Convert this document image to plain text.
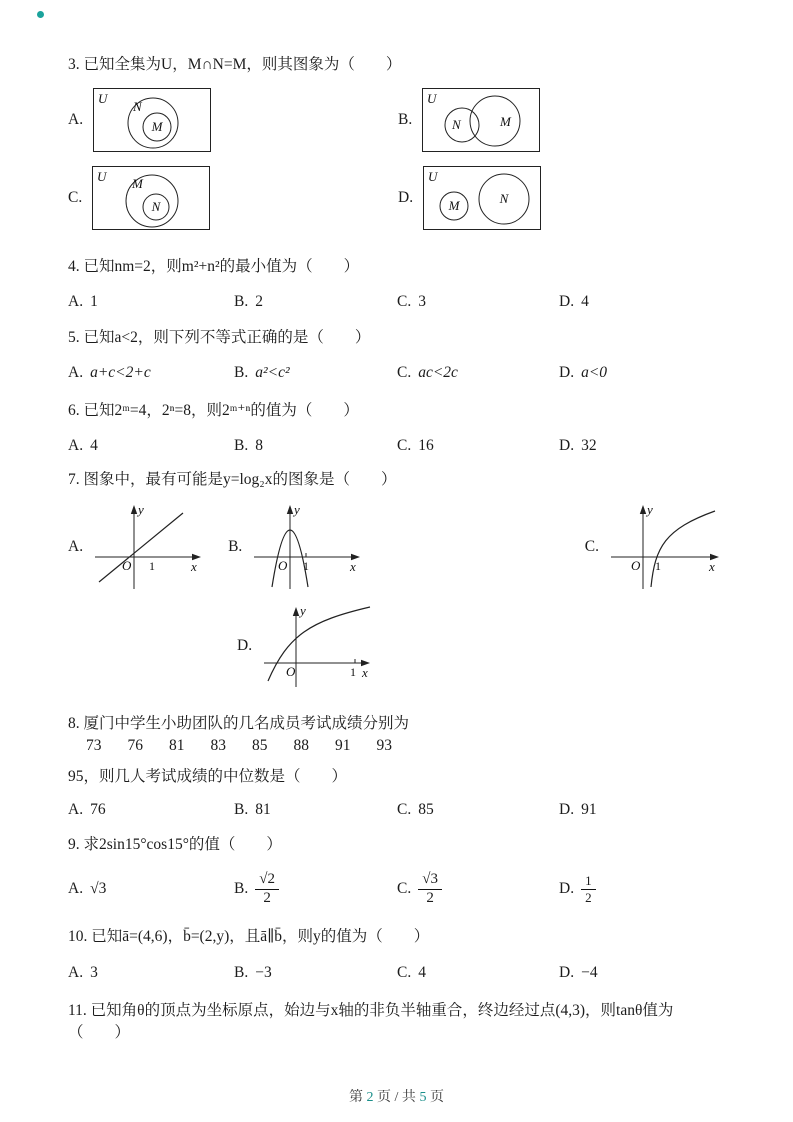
3. 已知全集为U，M∩N=M，则其图象为（　　）

A.
U
N
M	B.
U
N	M
C.
U M
N
D.
U
M	N

4. 已知nm=2，则m²+n²的最小值为（　　）

A. 1	B. 2	C. 3	D. 4

5. 已知a<2，则下列不等式正确的是（　　）

A. a+c<2+c	B. a²<c²	C. ac<2c	D. a<0

6. 已知2ᵐ=4，2ⁿ=8，则2ᵐ⁺ⁿ的值为（　　）

A. 4	B. 8	C. 16	D. 32

7. 图象中，最有可能是y=log₂x的图象是（　　）

A.
y
x
O 1
B.
y
x
O 1
C.
y
x
O 1
D.
y
x
O	1

8. 厦门中学生小助团队的几名成员考试成绩分别为73 76 81 83 85 88 91 93

95，则几人考试成绩的中位数是（　　）

A. 76	B. 81	C. 85	D. 91

9. 求2sin15°cos15°的值（　　）

A. √3	B. $\frac{√2}{2}$	C. $\frac{√3}{2}$	D. $\frac{1}{2}$

10. 已知ā=(4,6)，b̄=(2,y)，且ā∥b̄，则y的值为（　　）

A. 3	B. −3	C. 4	D. −4

11. 已知角θ的顶点为坐标原点，始边与x轴的非负半轴重合，终边经过点(4,3)，则tanθ值为（　　）

第 2 页 / 共 5 页
